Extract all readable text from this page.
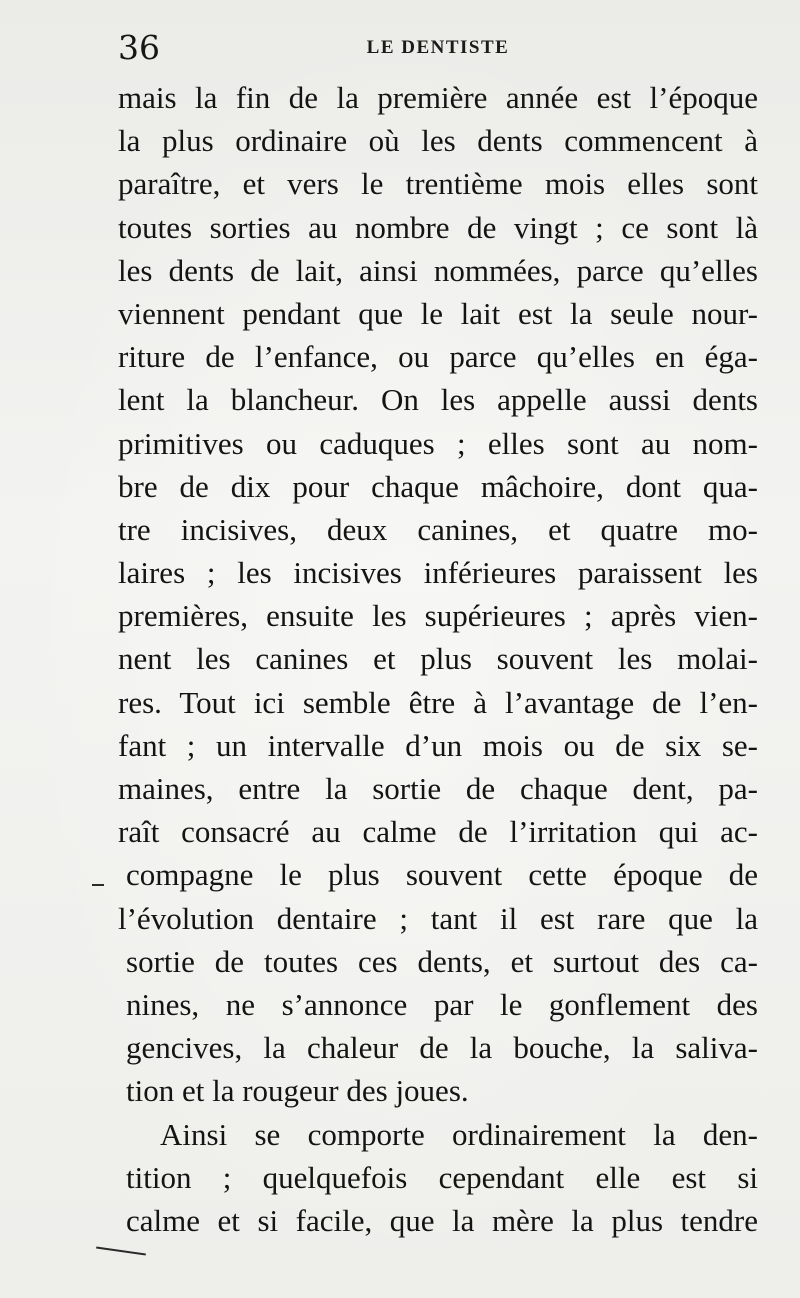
36	LE DENTISTE
mais la fin de la première année est l’époque
la plus ordinaire où les dents commencent à
paraître, et vers le trentième mois elles sont
toutes sorties au nombre de vingt ; ce sont là
les dents de lait, ainsi nommées, parce qu’elles
viennent pendant que le lait est la seule nour-
riture de l’enfance, ou parce qu’elles en éga-
lent la blancheur. On les appelle aussi dents
primitives ou caduques ; elles sont au nom-
bre de dix pour chaque mâchoire, dont qua-
tre incisives, deux canines, et quatre mo-
laires ; les incisives inférieures paraissent les
premières, ensuite les supérieures ; après vien-
nent les canines et plus souvent les molai-
res. Tout ici semble être à l’avantage de l’en-
fant ; un intervalle d’un mois ou de six se-
maines, entre la sortie de chaque dent, pa-
raît consacré au calme de l’irritation qui ac-
compagne le plus souvent cette époque de
l’évolution dentaire ; tant il est rare que la
sortie de toutes ces dents, et surtout des ca-
nines, ne s’annonce par le gonflement des
gencives, la chaleur de la bouche, la saliva-
tion et la rougeur des joues.
Ainsi se comporte ordinairement la den-
tition ; quelquefois cependant elle est si
calme et si facile, que la mère la plus tendre
